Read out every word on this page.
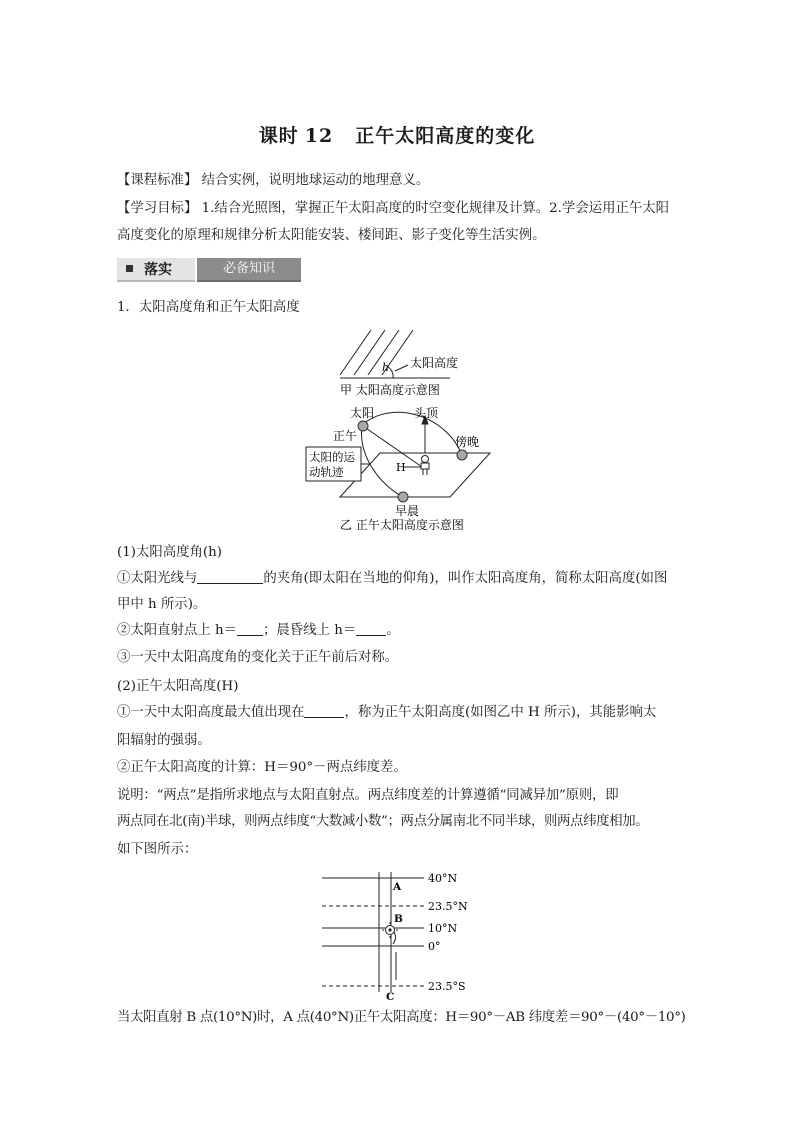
课时 12 正午太阳高度的变化
【课程标准】 结合实例，说明地球运动的地理意义。
【学习目标】 1.结合光照图，掌握正午太阳高度的时空变化规律及计算。2.学会运用正午太阳
高度变化的原理和规律分析太阳能安装、楼间距、影子变化等生活实例。
落实	必备知识
1．太阳高度角和正午太阳高度
h 太阳高度
甲 太阳高度示意图
太阳	头顶
正午	傍晚
太阳的运
动轨迹	H
早晨
乙 正午太阳高度示意图
(1)太阳高度角(h)
①太阳光线与	的夹角(即太阳在当地的仰角)，叫作太阳高度角，简称太阳高度(如图
甲中 h 所示)。
②太阳直射点上 h＝ ；晨昏线上 h＝ 。
③一天中太阳高度角的变化关于正午前后对称。
(2)正午太阳高度(H)
①一天中太阳高度最大值出现在	，称为正午太阳高度(如图乙中 H 所示)，其能影响太
阳辐射的强弱。
②正午太阳高度的计算：H＝90°－两点纬度差。
说明：“两点”是指所求地点与太阳直射点。两点纬度差的计算遵循“同减异加”原则，即
两点同在北(南)半球，则两点纬度“大数减小数”；两点分属南北不同半球，则两点纬度相加。
如下图所示：
A
B
C
40°N
23.5°N
10°N
0°
23.5°S
当太阳直射 B 点(10°N)时，A 点(40°N)正午太阳高度：H＝90°－AB 纬度差＝90°－(40°－10°)
